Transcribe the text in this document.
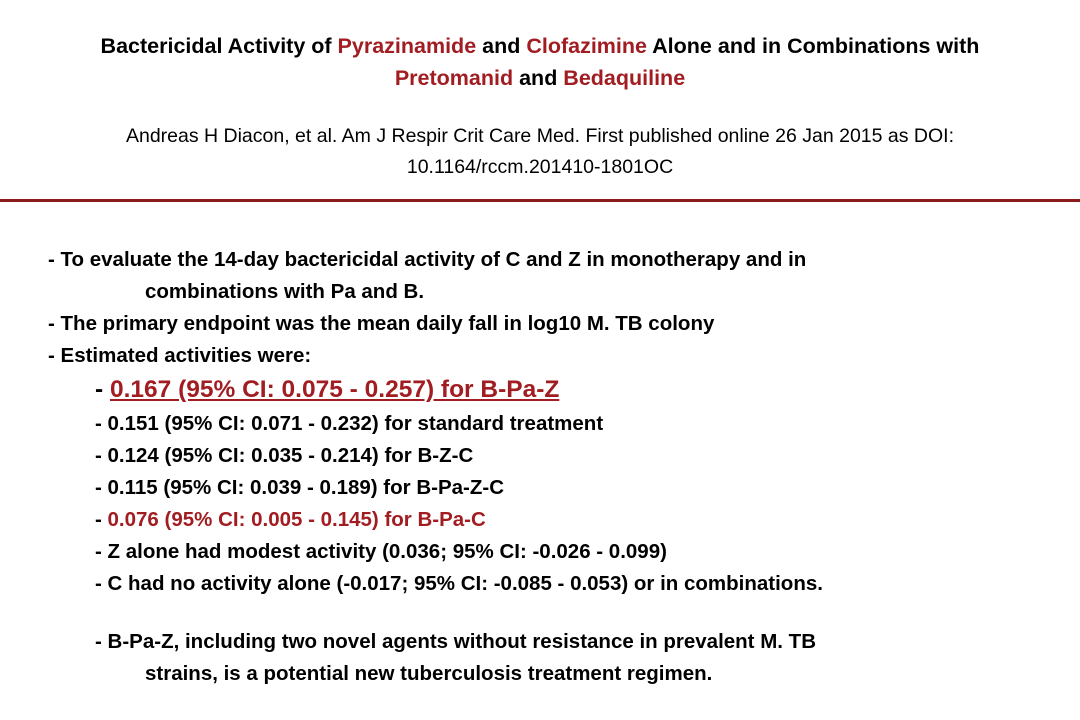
Bactericidal Activity of Pyrazinamide and Clofazimine Alone and in Combinations with
Pretomanid and Bedaquiline
Andreas H Diacon, et al. Am J Respir Crit Care Med. First published online 26 Jan 2015 as DOI:
10.1164/rccm.201410-1801OC
- To evaluate the 14-day bactericidal activity of C and Z in monotherapy and in
combinations with Pa and B.
- The primary endpoint was the mean daily fall in log10 M. TB colony
- Estimated activities were:
- 0.167 (95% CI: 0.075 - 0.257) for B-Pa-Z
- 0.151 (95% CI: 0.071 - 0.232) for standard treatment
- 0.124 (95% CI: 0.035 - 0.214) for B-Z-C
- 0.115 (95% CI: 0.039 - 0.189) for B-Pa-Z-C
- 0.076 (95% CI: 0.005 - 0.145) for B-Pa-C
- Z alone had modest activity (0.036; 95% CI: -0.026 - 0.099)
- C had no activity alone (-0.017; 95% CI: -0.085 - 0.053) or in combinations.
- B-Pa-Z, including two novel agents without resistance in prevalent M. TB
strains, is a potential new tuberculosis treatment regimen.
